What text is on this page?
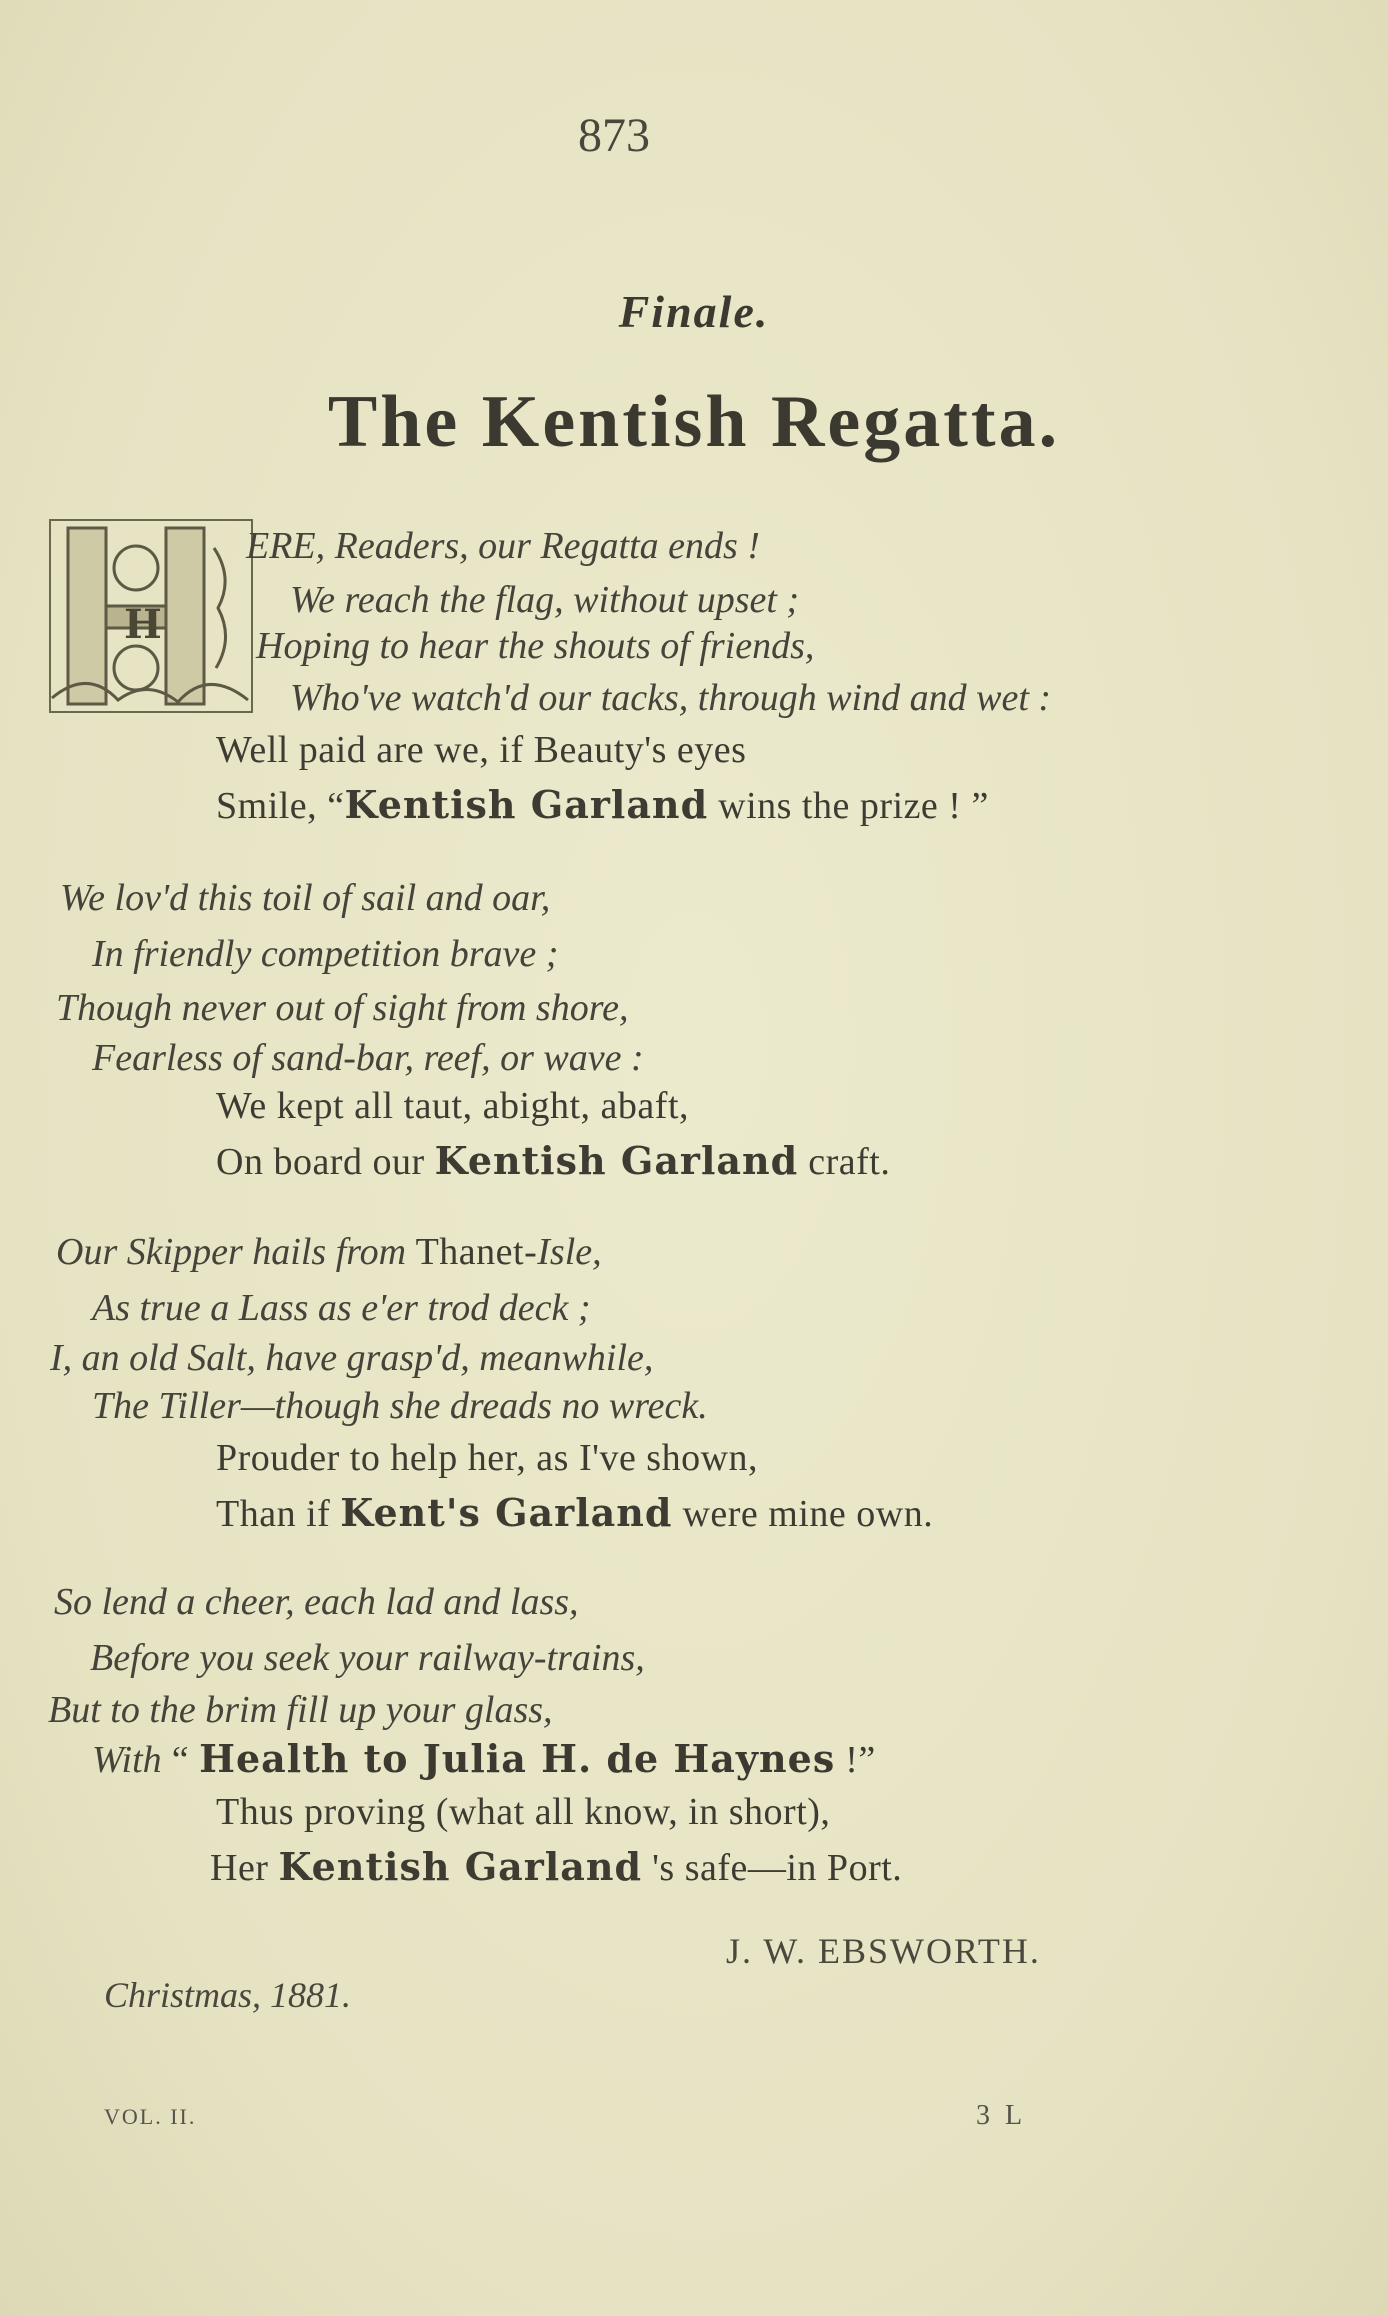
873
Finale.
The Kentish Regatta.
H
ERE, Readers, our Regatta ends !
We reach the flag, without upset ;
Hoping to hear the shouts of friends,
Who've watch'd our tacks, through wind and wet :
Well paid are we, if Beauty's eyes
Smile, “Kentish Garland wins the prize ! ”
We lov'd this toil of sail and oar,
In friendly competition brave ;
Though never out of sight from shore,
Fearless of sand-bar, reef, or wave :
We kept all taut, abight, abaft,
On board our Kentish Garland craft.
Our Skipper hails from Thanet-Isle,
As true a Lass as e'er trod deck ;
I, an old Salt, have grasp'd, meanwhile,
The Tiller—though she dreads no wreck.
Prouder to help her, as I've shown,
Than if Kent's Garland were mine own.
So lend a cheer, each lad and lass,
Before you seek your railway-trains,
But to the brim fill up your glass,
With “ Health to Julia H. de Haynes !”
Thus proving (what all know, in short),
Her Kentish Garland 's safe—in Port.
J. W. EBSWORTH.
Christmas, 1881.
VOL. II.	3 L
